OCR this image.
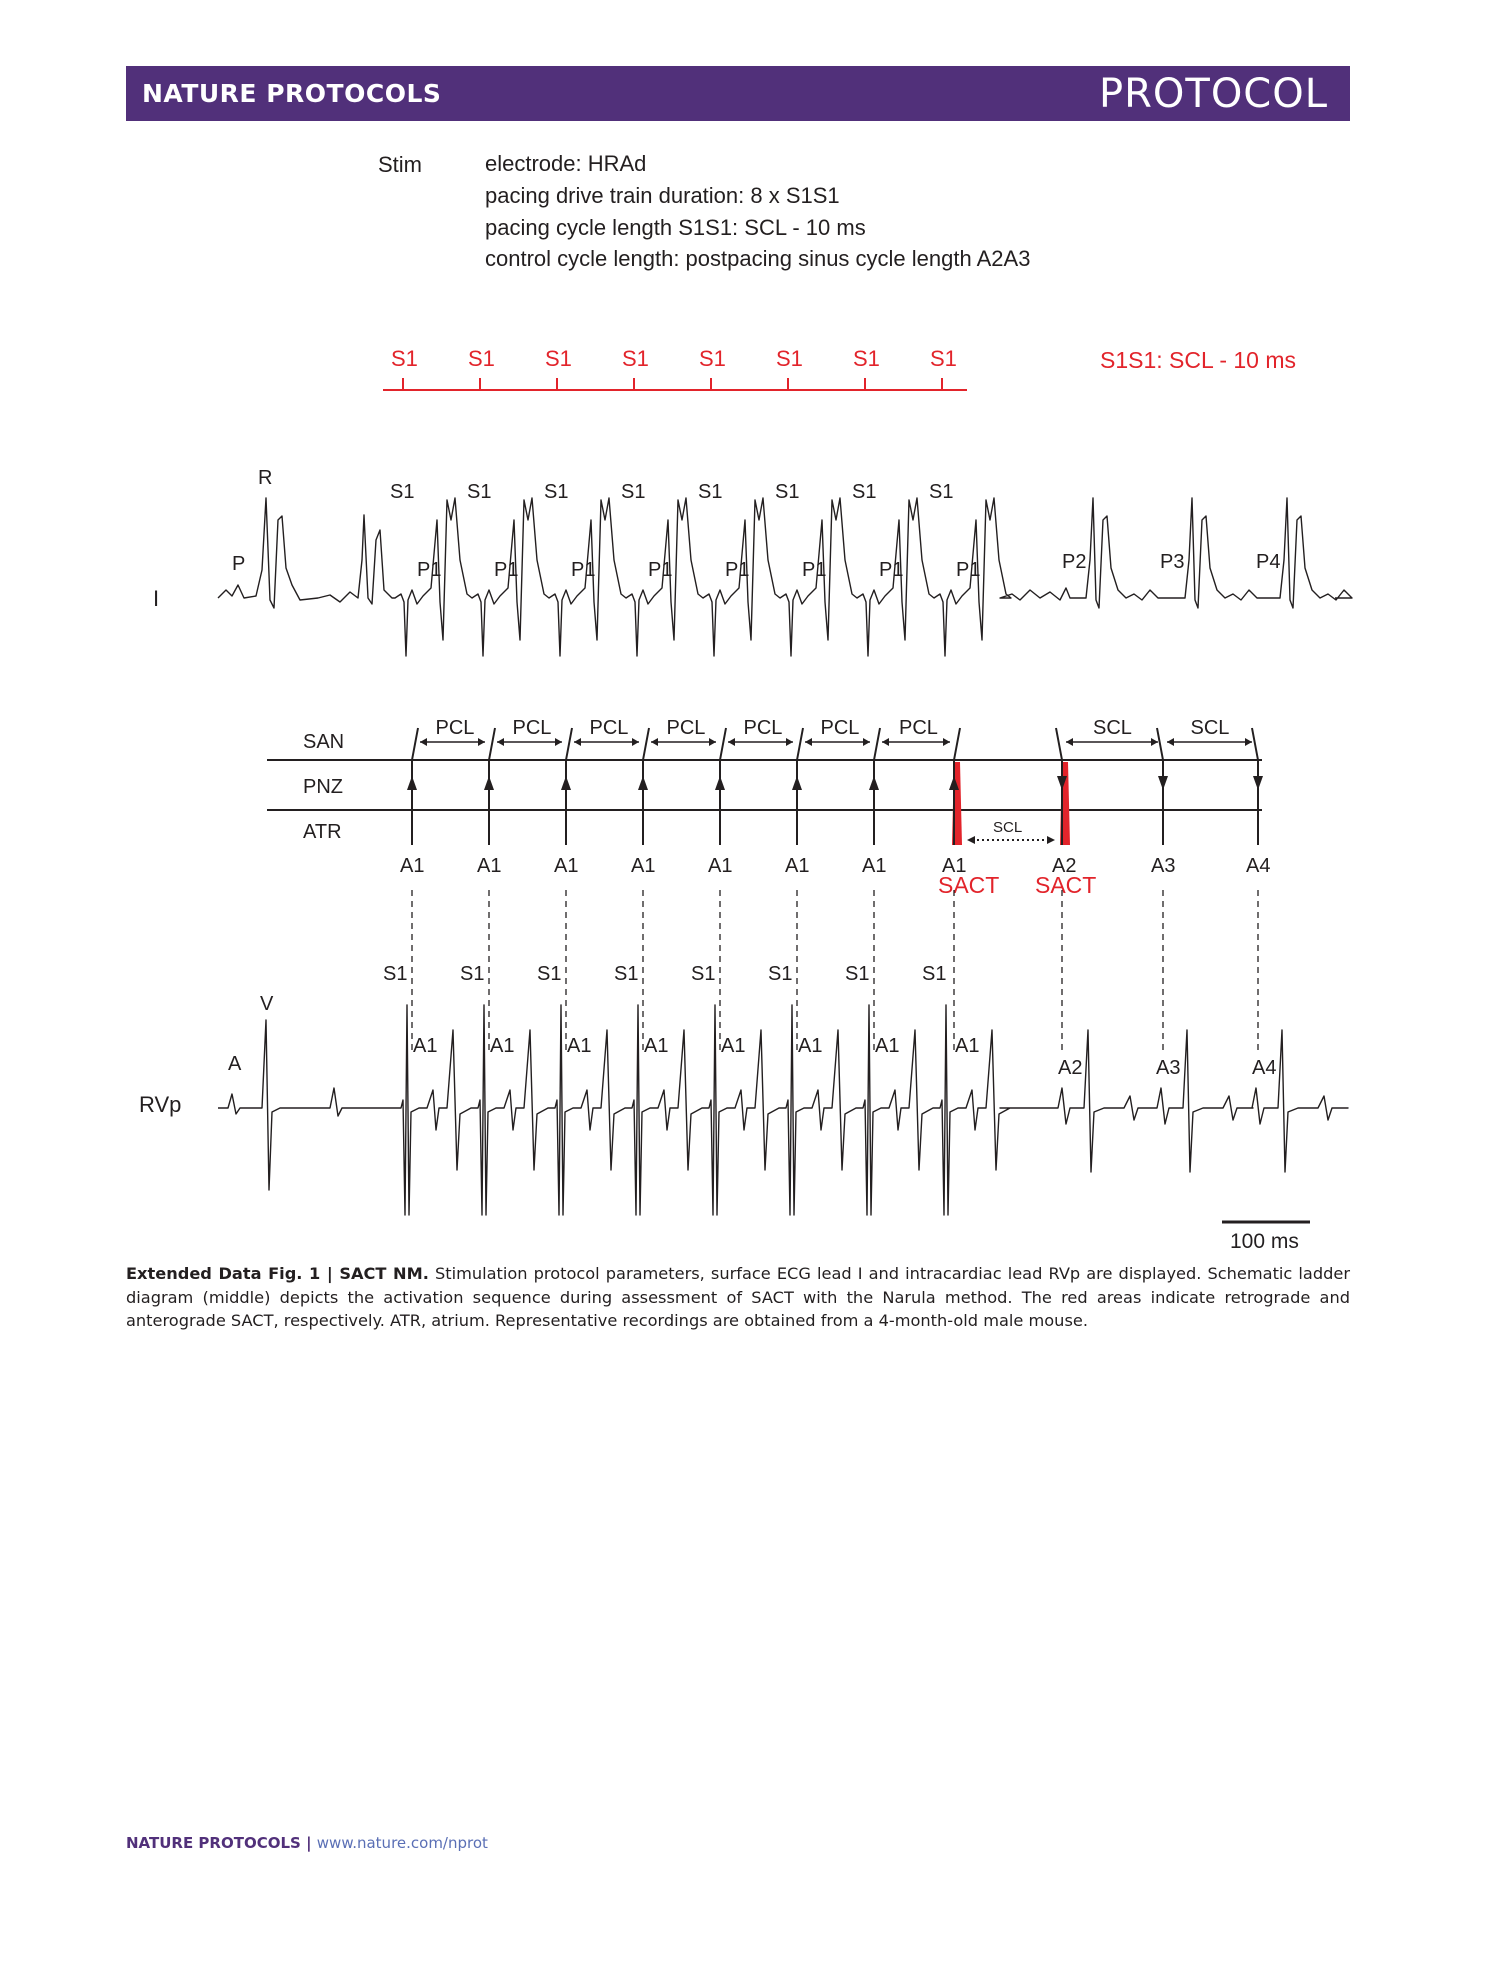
NATURE PROTOCOLS	PROTOCOL
Stim	electrode: HRAd
pacing drive train duration: 8 x S1S1
pacing cycle length S1S1: SCL - 10 ms
control cycle length: postpacing sinus cycle length A2A3
S1 S1 S1 S1 S1 S1 S1 S1	S1S1: SCL - 10 ms
I
R
P
S1	S1	S1	S1	S1	S1	S1	S1
P1	P1	P1	P1	P1	P1	P1	P1	P2	P3	P4
SAN
PNZ
ATR
PCL PCL PCL PCL PCL PCL PCL	SCL	SCL
SCL
A1	A1	A1	A1	A1	A1	A1	A1	A2	A3	A4
SACT SACT
RVp
V
A
S1	S1	S1	S1	S1	S1	S1	S1
A1	A1	A1	A1	A1	A1	A1	A1
A2	A3	A4
100 ms
Extended Data Fig. 1 | SACT NM. Stimulation protocol parameters, surface ECG lead I and intracardiac lead RVp are displayed. Schematic ladder diagram (middle) depicts the activation sequence during assessment of SACT with the Narula method. The red areas indicate retrograde and anterograde SACT, respectively. ATR, atrium. Representative recordings are obtained from a 4-month-old male mouse.
NATURE PROTOCOLS | www.nature.com/nprot
